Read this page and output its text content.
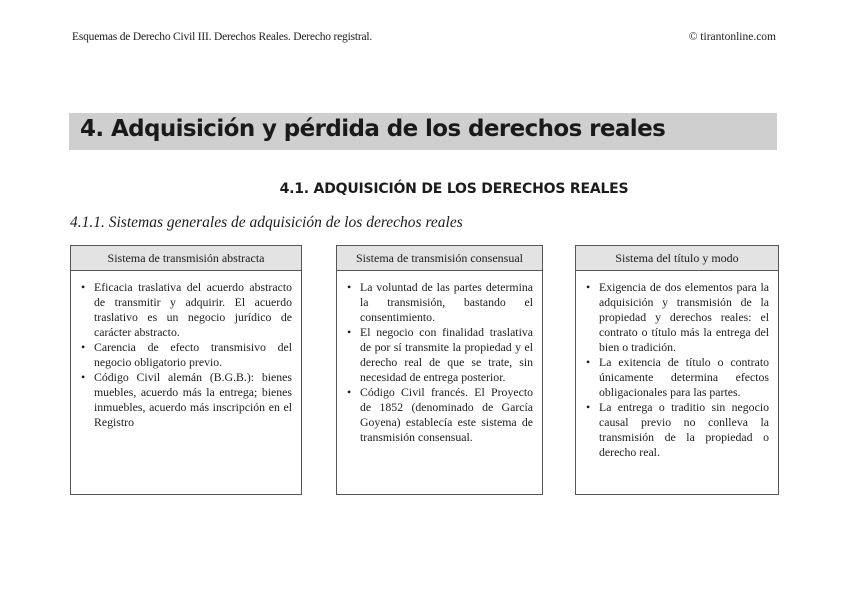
Esquemas de Derecho Civil III. Derechos Reales. Derecho registral.	© tirantonline.com
4. Adquisición y pérdida de los derechos reales
4.1. ADQUISICIÓN DE LOS DERECHOS REALES
4.1.1. Sistemas generales de adquisición de los derechos reales
Sistema de transmisión abstracta
• Eficacia traslativa del acuerdo abstracto de transmitir y adquirir. El acuerdo traslativo es un negocio jurídico de carácter abstracto.
• Carencia de efecto transmisivo del negocio obligatorio previo.
• Código Civil alemán (B.G.B.): bienes muebles, acuerdo más la entrega; bienes inmuebles, acuerdo más inscripción en el Registro
Sistema de transmisión consensual
• La voluntad de las partes determina la transmisión, bastando el consentimiento.
• El negocio con finalidad traslativa de por sí transmite la propiedad y el derecho real de que se trate, sin necesidad de entrega posterior.
• Código Civil francés. El Proyecto de 1852 (denominado de García Goyena) establecía este sistema de transmisión consensual.
Sistema del título y modo
• Exigencia de dos elementos para la adquisición y transmisión de la propiedad y derechos reales: el contrato o título más la entrega del bien o tradición.
• La exitencia de título o contrato únicamente determina efectos obligacionales para las partes.
• La entrega o traditio sin negocio causal previo no conlleva la transmisión de la propiedad o derecho real.
